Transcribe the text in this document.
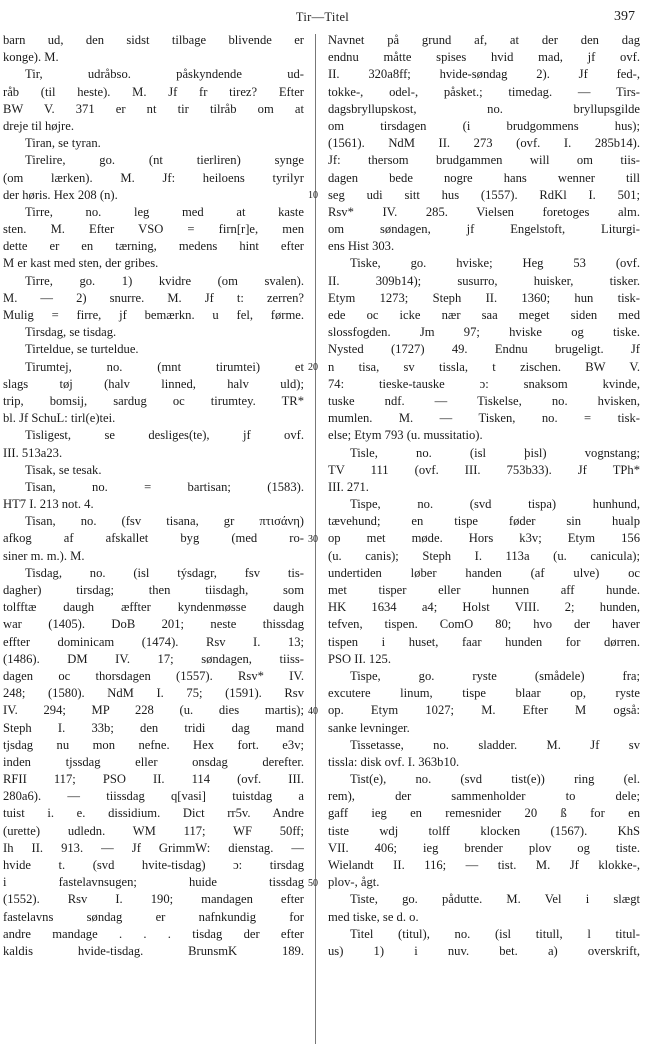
Tir—Titel	397
barn ud, den sidst tilbage blivende er
konge). M.
Tir, udråbso. påskyndende ud-
råb (til heste). M. Jf fr tirez? Efter
BW V. 371 er nt tir tilråb om at
dreje til højre.
Tiran, se tyran.
Tirelire, go. (nt tierliren) synge
(om lærken). M. Jf: heiloens tyrilyr
der høris. Hex 208 (n).
Tirre, no. leg med at kaste
sten. M. Efter VSO = firn[r]e, men
dette er en tærning, medens hint efter
M er kast med sten, der gribes.
Tirre, go. 1) kvidre (om svalen).
M. — 2) snurre. M. Jf t: zerren?
Mulig = firre, jf bemærkn. u fel, førme.
Tirsdag, se tisdag.
Tirteldue, se turteldue.
Tirumtej, no. (mnt tirumtei) et
slags tøj (halv linned, halv uld);
trip, bomsij, sardug oc tirumtey. TR*
bl. Jf SchuL: tirl(e)tei.
Tisligest, se desliges(te), jf ovf.
III. 513a23.
Tisak, se tesak.
Tisan, no. = bartisan; (1583).
HT7 I. 213 not. 4.
Tisan, no. (fsv tisana, gr πτισάνη)
afkog af afskallet byg (med ro-
siner m. m.). M.
Tisdag, no. (isl týsdagr, fsv tis-
dagher) tirsdag; then tiisdagh, som
tolfftæ daugh æffter kyndenmøsse daugh
war (1405). DoB 201; neste thissdag
effter dominicam (1474). Rsv I. 13;
(1486). DM IV. 17; søndagen, tiiss-
dagen oc thorsdagen (1557). Rsv* IV.
248; (1580). NdM I. 75; (1591). Rsv
IV. 294; MP 228 (u. dies martis);
Steph I. 33b; den tridi dag mand
tjsdag nu mon nefne. Hex fort. e3v;
inden tjssdag eller onsdag derefter.
RFII 117; PSO II. 114 (ovf. III.
280a6). — tiissdag q[vasi] tuistdag a
tuist i. e. dissidium. Dict rr5v. Andre
(urette) udledn. WM 117; WF 50ff;
Ih II. 913. — Jf GrimmW: dienstag. —
hvide t. (svd hvite-tisdag) ɔ: tirsdag
i fastelavnsugen; huide tissdag
(1552). Rsv I. 190; mandagen efter
fastelavns søndag er nafnkundig for
andre mandage . . . tisdag der efter
kaldis hvide-tisdag. BrunsmK 189.
Navnet på grund af, at der den dag
endnu måtte spises hvid mad, jf ovf.
II. 320a8ff; hvide-søndag 2). Jf fed-,
tokke-, odel-, påsket.; timedag. — Tirs-
dagsbryllupskost, no. bryllupsgilde
om tirsdagen (i brudgommens hus);
(1561). NdM II. 273 (ovf. I. 285b14).
Jf: thersom brudgammen will om tiis-
dagen bede nogre hans wenner till
seg udi sitt hus (1557). RdKl I. 501;
Rsv* IV. 285. Vielsen foretoges alm.
om søndagen, jf Engelstoft, Liturgi-
ens Hist 303.
Tiske, go. hviske; Heg 53 (ovf.
II. 309b14); susurro, huisker, tisker.
Etym 1273; Steph II. 1360; hun tisk-
ede oc icke nær saa meget siden med
slossfogden. Jm 97; hviske og tiske.
Nysted (1727) 49. Endnu brugeligt. Jf
n tisa, sv tissla, t zischen. BW V.
74: tieske-tauske ɔ: snaksom kvinde,
tuske ndf. — Tiskelse, no. hvisken,
mumlen. M. — Tisken, no. = tisk-
else; Etym 793 (u. mussitatio).
Tisle, no. (isl þisl) vognstang;
TV 111 (ovf. III. 753b33). Jf TPh*
III. 271.
Tispe, no. (svd tispa) hunhund,
tævehund; en tispe føder sin hualp
op met møde. Hors k3v; Etym 156
(u. canis); Steph I. 113a (u. canicula);
undertiden løber handen (af ulve) oc
met tisper eller hunnen aff hunde.
HK 1634 a4; Holst VIII. 2; hunden,
tefven, tispen. ComO 80; hvo der haver
tispen i huset, faar hunden for dørren.
PSO II. 125.
Tispe, go. ryste (smådele) fra;
excutere linum, tispe blaar op, ryste
op. Etym 1027; M. Efter M også:
sanke levninger.
Tissetasse, no. sladder. M. Jf sv
tissla: disk ovf. I. 363b10.
Tist(e), no. (svd tist(e)) ring (el.
rem), der sammenholder to dele;
gaff ieg en remesnider 20 ß for en
tiste wdj tolff klocken (1567). KhS
VII. 406; ieg brender plov og tiste.
Wielandt II. 116; — tist. M. Jf klokke-,
plov-, ågt.
Tiste, go. pådutte. M. Vel i slægt
med tiske, se d. o.
Titel (titul), no. (isl titull, l titul-
us) 1) i nuv. bet. a) overskrift,
10
20
30
40
50
